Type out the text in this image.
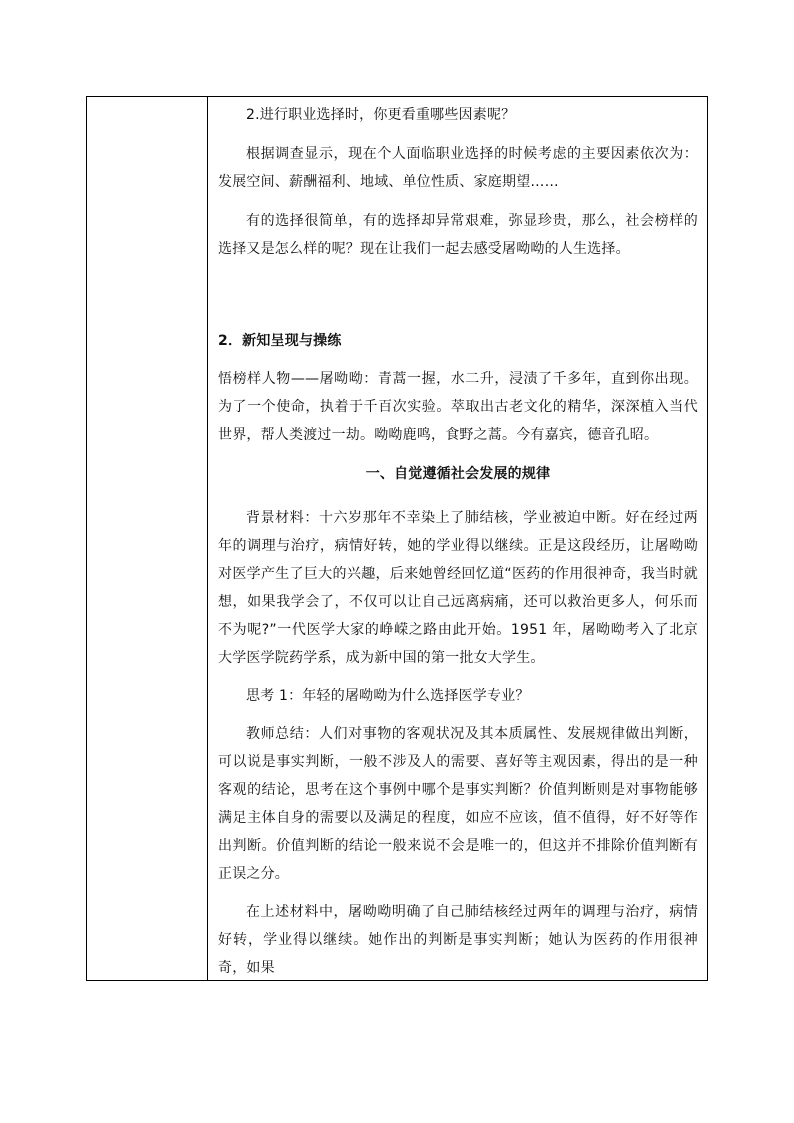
2.进行职业选择时，你更看重哪些因素呢？

根据调查显示，现在个人面临职业选择的时候考虑的主要因素依次为：发展空间、薪酬福利、地域、单位性质、家庭期望……

有的选择很简单，有的选择却异常艰难，弥显珍贵，那么，社会榜样的选择又是怎么样的呢？现在让我们一起去感受屠呦呦的人生选择。

2．新知呈现与操练

悟榜样人物——屠呦呦：青蒿一握，水二升，浸渍了千多年，直到你出现。为了一个使命，执着于千百次实验。萃取出古老文化的精华，深深植入当代世界，帮人类渡过一劫。呦呦鹿鸣，食野之蒿。今有嘉宾，德音孔昭。

一、自觉遵循社会发展的规律

背景材料：十六岁那年不幸染上了肺结核，学业被迫中断。好在经过两年的调理与治疗，病情好转，她的学业得以继续。正是这段经历，让屠呦呦对医学产生了巨大的兴趣，后来她曾经回忆道“医药的作用很神奇，我当时就想，如果我学会了，不仅可以让自己远离病痛，还可以救治更多人，何乐而不为呢?”一代医学大家的峥嵘之路由此开始。1951 年，屠呦呦考入了北京大学医学院药学系，成为新中国的第一批女大学生。

思考 1：年轻的屠呦呦为什么选择医学专业？

教师总结：人们对事物的客观状况及其本质属性、发展规律做出判断，可以说是事实判断，一般不涉及人的需要、喜好等主观因素，得出的是一种客观的结论，思考在这个事例中哪个是事实判断？价值判断则是对事物能够满足主体自身的需要以及满足的程度，如应不应该，值不值得，好不好等作出判断。价值判断的结论一般来说不会是唯一的，但这并不排除价值判断有正误之分。

在上述材料中，屠呦呦明确了自己肺结核经过两年的调理与治疗，病情好转，学业得以继续。她作出的判断是事实判断；她认为医药的作用很神奇，如果
